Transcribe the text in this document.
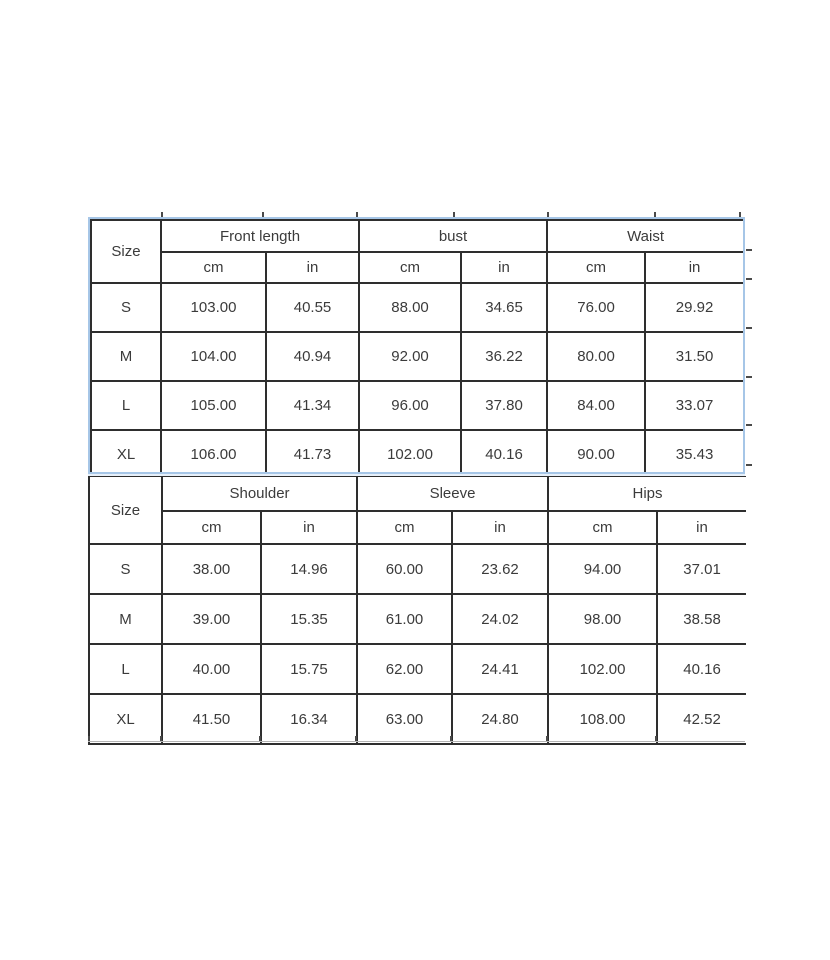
Size	Front length		bust		Waist	
	cm	in	cm	in	cm	in
S	103.00	40.55	88.00	34.65	76.00	29.92
M	104.00	40.94	92.00	36.22	80.00	31.50
L	105.00	41.34	96.00	37.80	84.00	33.07
XL	106.00	41.73	102.00	40.16	90.00	35.43
Size	Shoulder		Sleeve		Hips	
	cm	in	cm	in	cm	in
S	38.00	14.96	60.00	23.62	94.00	37.01
M	39.00	15.35	61.00	24.02	98.00	38.58
L	40.00	15.75	62.00	24.41	102.00	40.16
XL	41.50	16.34	63.00	24.80	108.00	42.52
